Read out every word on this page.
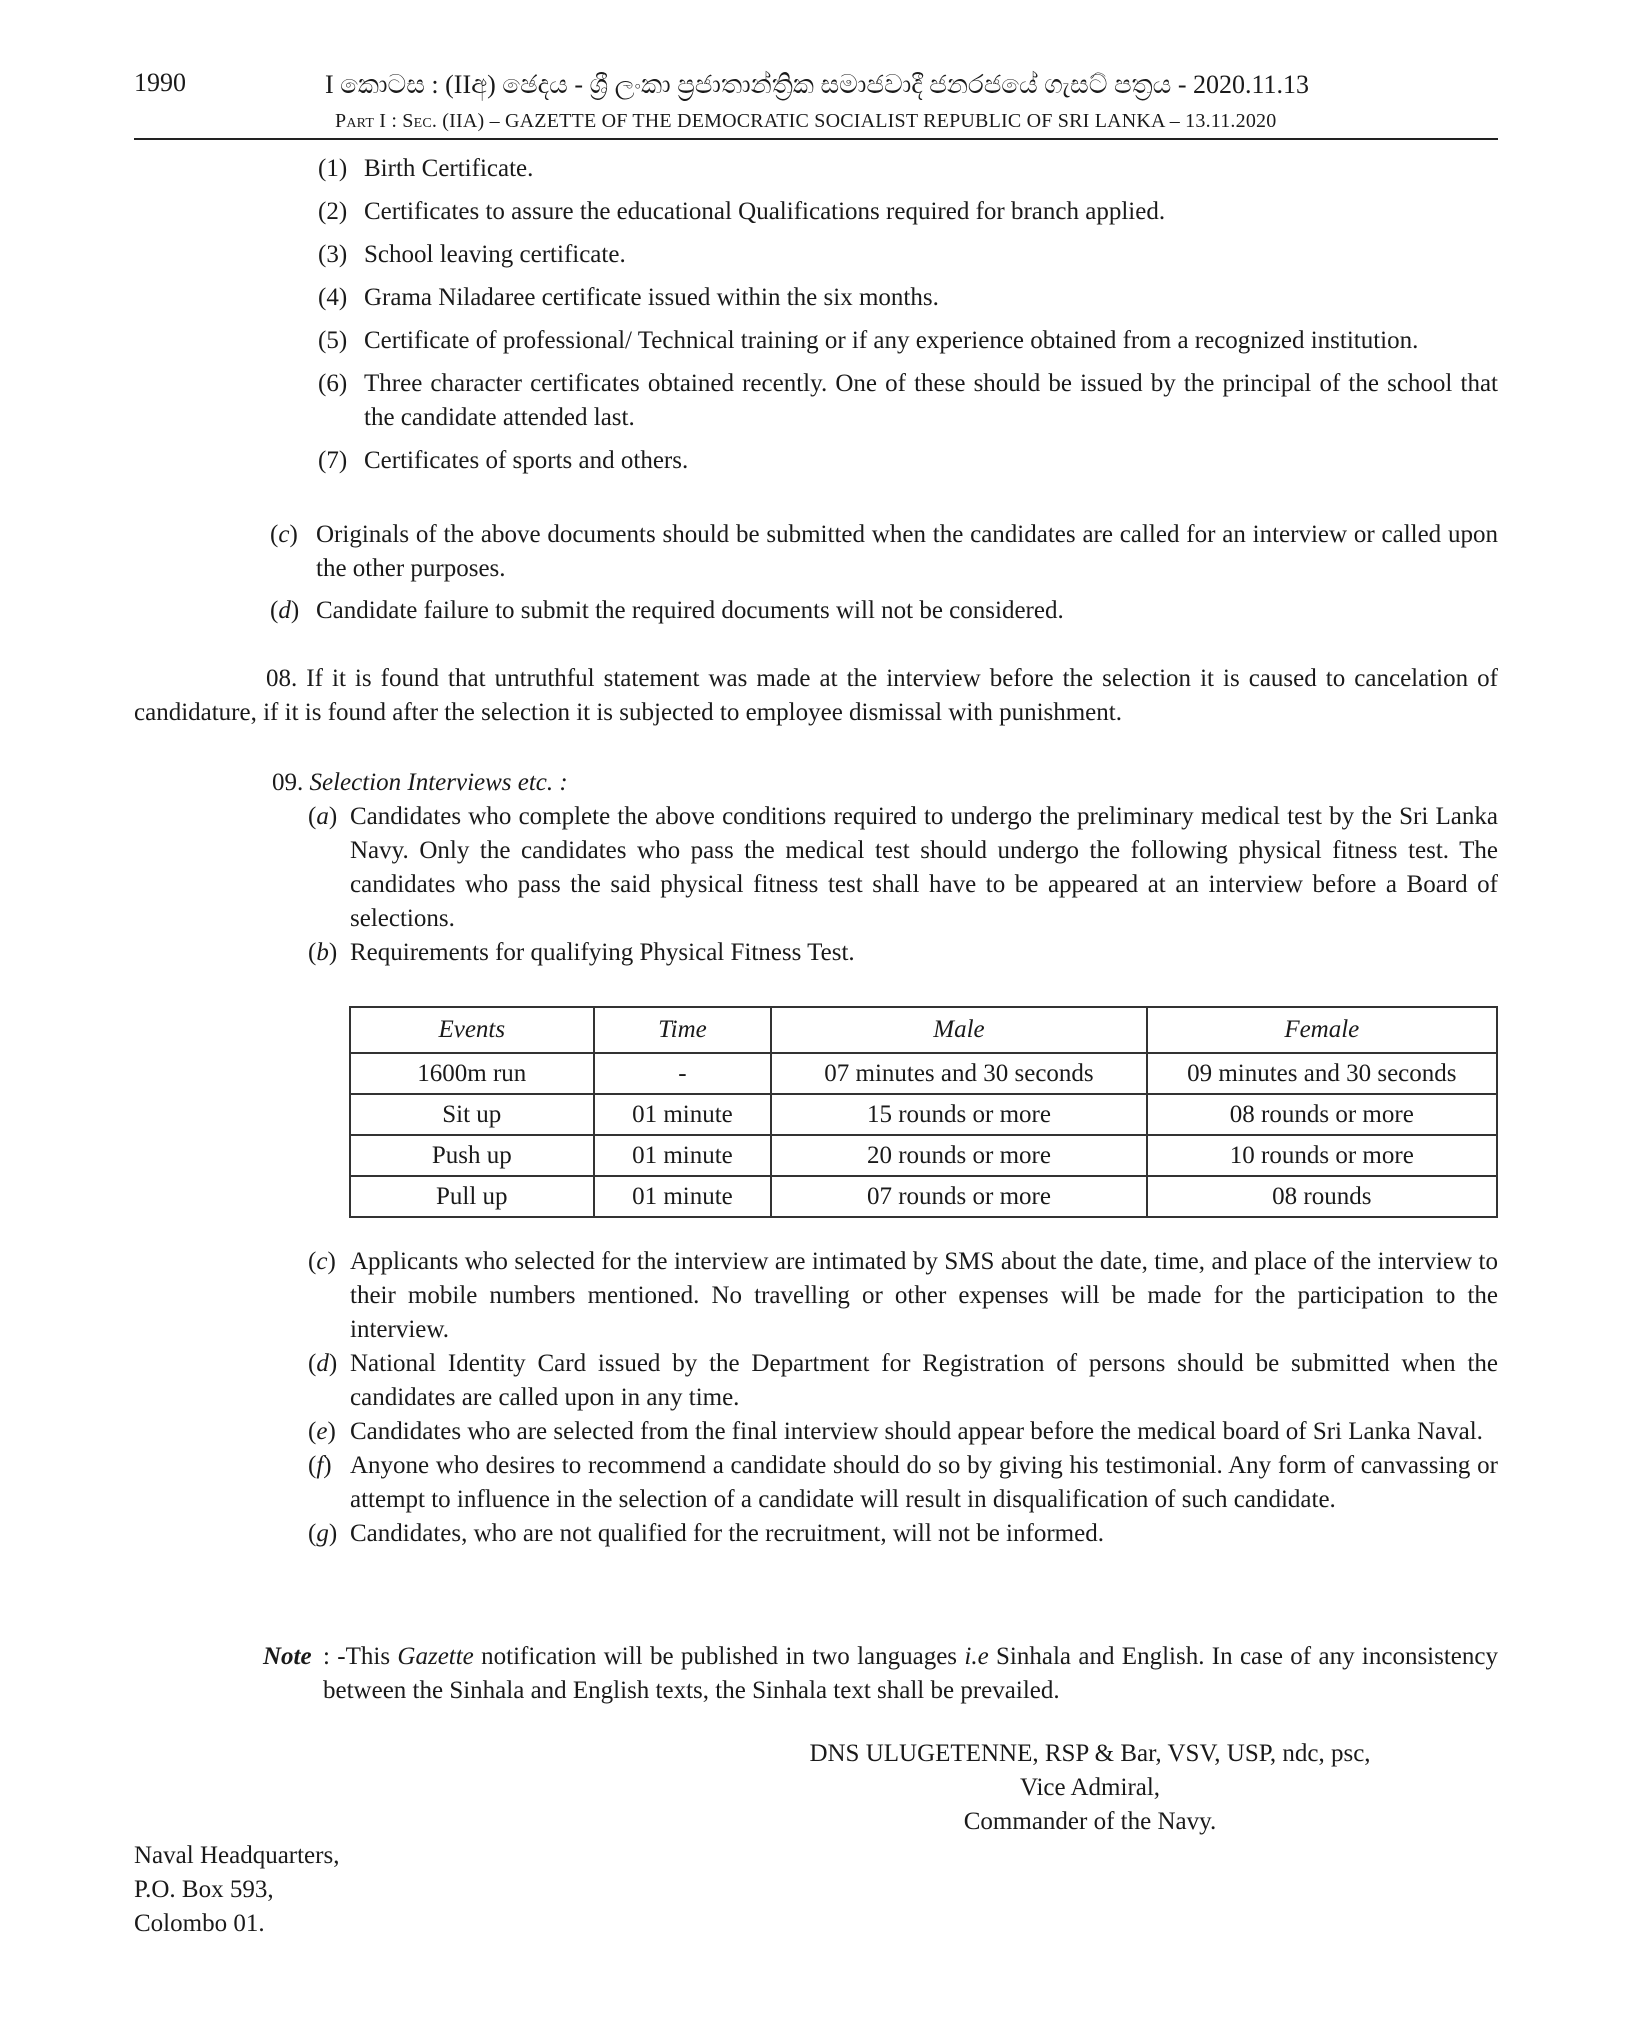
1990	I කොටස : (IIඅ) ඡෙදය - ශ්‍රී ලංකා ප්‍රජාතාන්ත්‍රික සමාජවාදී ජනරජයේ ගැසට් පත්‍රය - 2020.11.13
Part I : Sec. (IIA) – GAZETTE OF THE DEMOCRATIC SOCIALIST REPUBLIC OF SRI LANKA – 13.11.2020
(1) Birth Certificate.
(2) Certificates to assure the educational Qualifications required for branch applied.
(3) School leaving certificate.
(4) Grama Niladaree certificate issued within the six months.
(5) Certificate of professional/ Technical training or if any experience obtained from a recognized institution.
(6) Three character certificates obtained recently. One of these should be issued by the principal of the school that the candidate attended last.
(7) Certificates of sports and others.
(c) Originals of the above documents should be submitted when the candidates are called for an interview or called upon the other purposes.
(d) Candidate failure to submit the required documents will not be considered.
08. If it is found that untruthful statement was made at the interview before the selection it is caused to cancelation of candidature, if it is found after the selection it is subjected to employee dismissal with punishment.
09. Selection Interviews etc. :
(a) Candidates who complete the above conditions required to undergo the preliminary medical test by the Sri Lanka Navy. Only the candidates who pass the medical test should undergo the following physical fitness test. The candidates who pass the said physical fitness test shall have to be appeared at an interview before a Board of selections.
(b) Requirements for qualifying Physical Fitness Test.
Events	Time	Male	Female
1600m run	-	07 minutes and 30 seconds	09 minutes and 30 seconds
Sit up	01 minute	15 rounds or more	08 rounds or more
Push up	01 minute	20 rounds or more	10 rounds or more
Pull up	01 minute	07 rounds or more	08 rounds
(c) Applicants who selected for the interview are intimated by SMS about the date, time, and place of the interview to their mobile numbers mentioned. No travelling or other expenses will be made for the participation to the interview.
(d) National Identity Card issued by the Department for Registration of persons should be submitted when the candidates are called upon in any time.
(e) Candidates who are selected from the final interview should appear before the medical board of Sri Lanka Naval.
(f) Anyone who desires to recommend a candidate should do so by giving his testimonial. Any form of canvassing or attempt to influence in the selection of a candidate will result in disqualification of such candidate.
(g) Candidates, who are not qualified for the recruitment, will not be informed.
Note : -This Gazette notification will be published in two languages i.e Sinhala and English. In case of any inconsistency between the Sinhala and English texts, the Sinhala text shall be prevailed.
DNS ULUGETENNE, RSP & Bar, VSV, USP, ndc, psc,
Vice Admiral,
Commander of the Navy.
Naval Headquarters,
P.O. Box 593,
Colombo 01.
